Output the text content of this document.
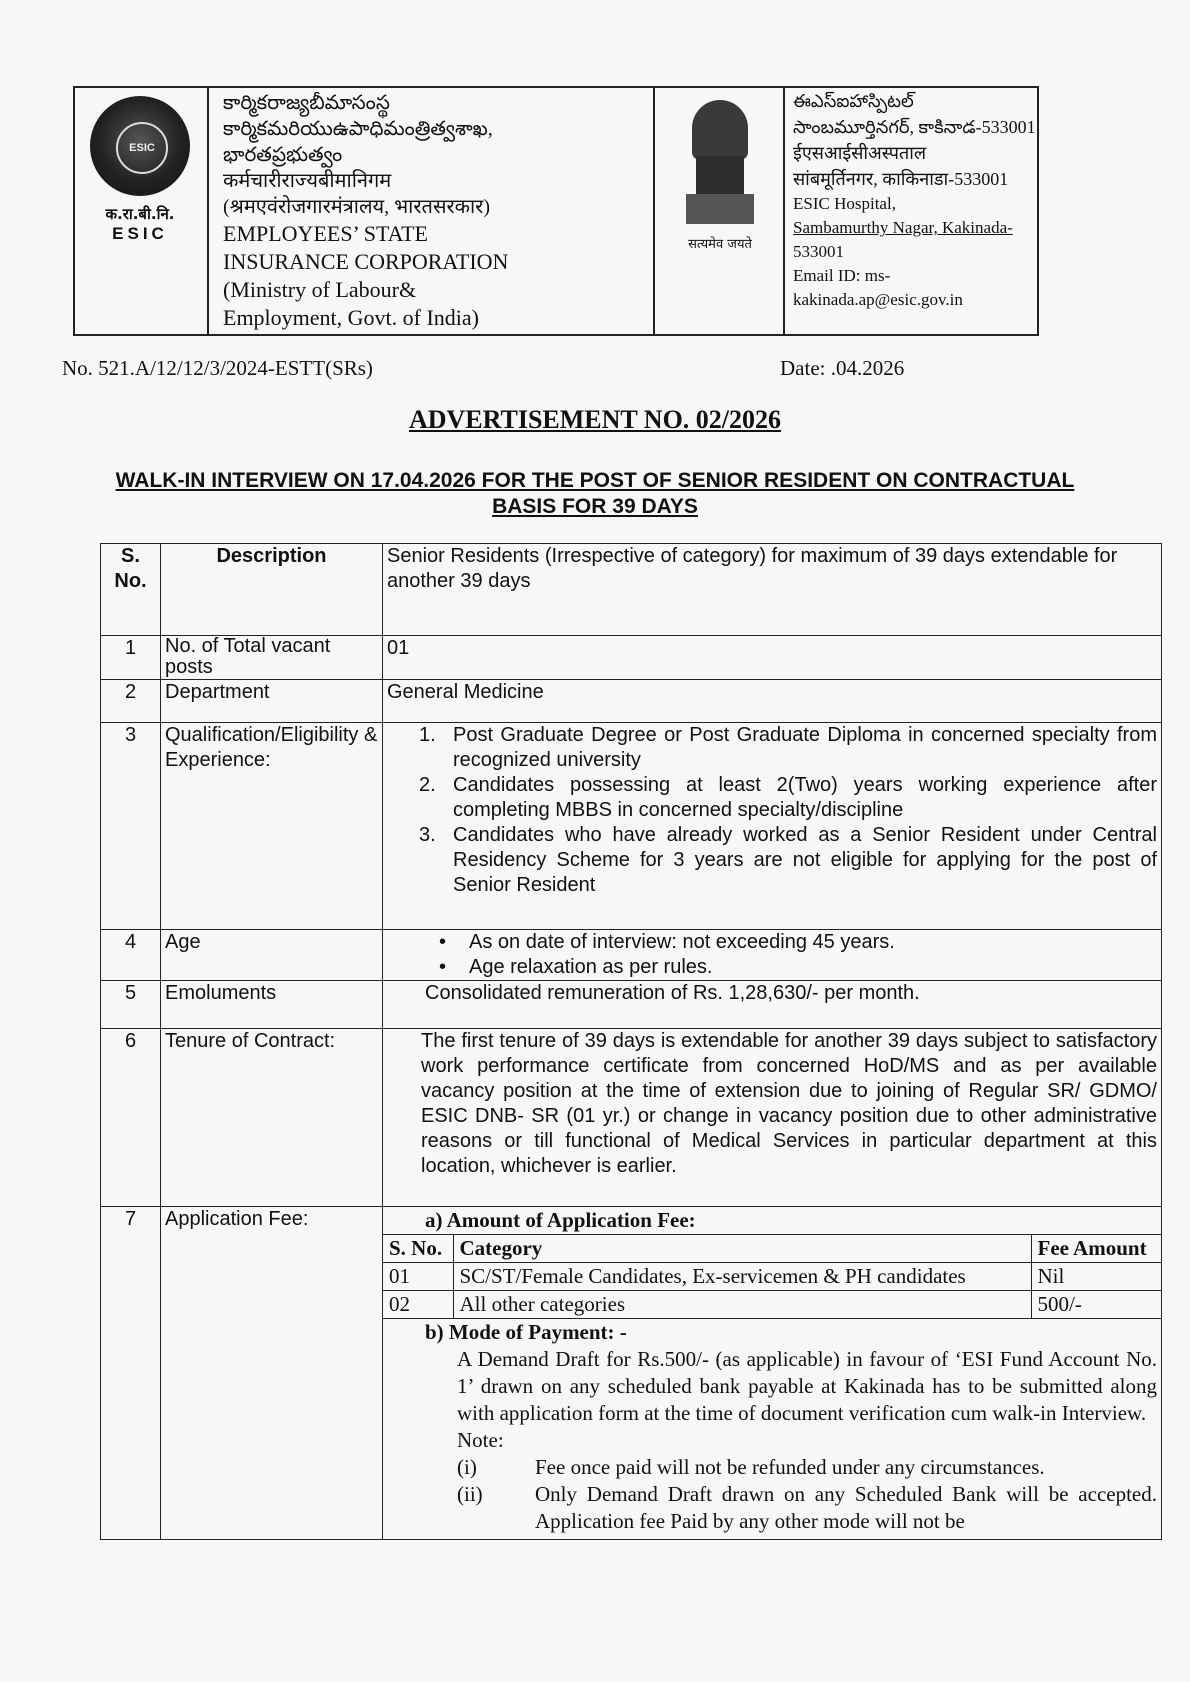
ESIC
क.रा.बी.नि.
ESIC
కార్మికరాజ్యబీమాసంస్థ
కార్మికమరియుఉపాధిమంత్రిత్వశాఖ,
భారతప్రభుత్వం
कर्मचारीराज्यबीमानिगम
(श्रमएवंरोजगारमंत्रालय, भारतसरकार)
EMPLOYEES’ STATE
INSURANCE CORPORATION
(Ministry of Labour&
Employment, Govt. of India)
सत्यमेव जयते
ఈఎస్ఐహాస్పిటల్
సాంబమూర్తినగర్, కాకినాడ-533001
ईएसआईसीअस्पताल
सांबमूर्तिनगर, काकिनाडा-533001
ESIC Hospital,
Sambamurthy Nagar, Kakinada-
533001
Email ID: ms-
kakinada.ap@esic.gov.in
No. 521.A/12/12/3/2024-ESTT(SRs)	Date: .04.2026
ADVERTISEMENT NO. 02/2026
WALK-IN INTERVIEW ON 17.04.2026 FOR THE POST OF SENIOR RESIDENT ON CONTRACTUAL
BASIS FOR 39 DAYS
S. No.	Description	Senior Residents (Irrespective of category) for maximum of 39 days extendable for another 39 days
1	No. of Total vacant posts	01
2	Department	General Medicine
3	Qualification/Eligibility & Experience:	
1. Post Graduate Degree or Post Graduate Diploma in concerned specialty from recognized university
2. Candidates possessing at least 2(Two) years working experience after completing MBBS in concerned specialty/discipline
3. Candidates who have already worked as a Senior Resident under Central Residency Scheme for 3 years are not eligible for applying for the post of Senior Resident

4	Age	
•As on date of interview: not exceeding 45 years.
• Age relaxation as per rules.

5	Emoluments	Consolidated remuneration of Rs. 1,28,630/- per month.

6	Tenure of Contract:	The first tenure of 39 days is extendable for another 39 days subject to satisfactory work performance certificate from concerned HoD/MS and as per available vacancy position at the time of extension due to joining of Regular SR/ GDMO/ ESIC DNB- SR (01 yr.) or change in vacancy position due to other administrative reasons or till functional of Medical Services in particular department at this location, whichever is earlier.
7	Application Fee:	a) Amount of Application Fee:
S. No.	Category	Fee Amount
01	SC/ST/Female Candidates, Ex-servicemen & PH candidates	Nil
02	All other categories	500/-
b) Mode of Payment: -
A Demand Draft for Rs.500/- (as applicable) in favour of ‘ESI Fund Account No. 1’ drawn on any scheduled bank payable at Kakinada has to be submitted along with application form at the time of document verification cum walk-in Interview.
Note:
(i)	Fee once paid will not be refunded under any circumstances.
(ii) Only Demand Draft drawn on any Scheduled Bank will be accepted. Application fee Paid by any other mode will not be
